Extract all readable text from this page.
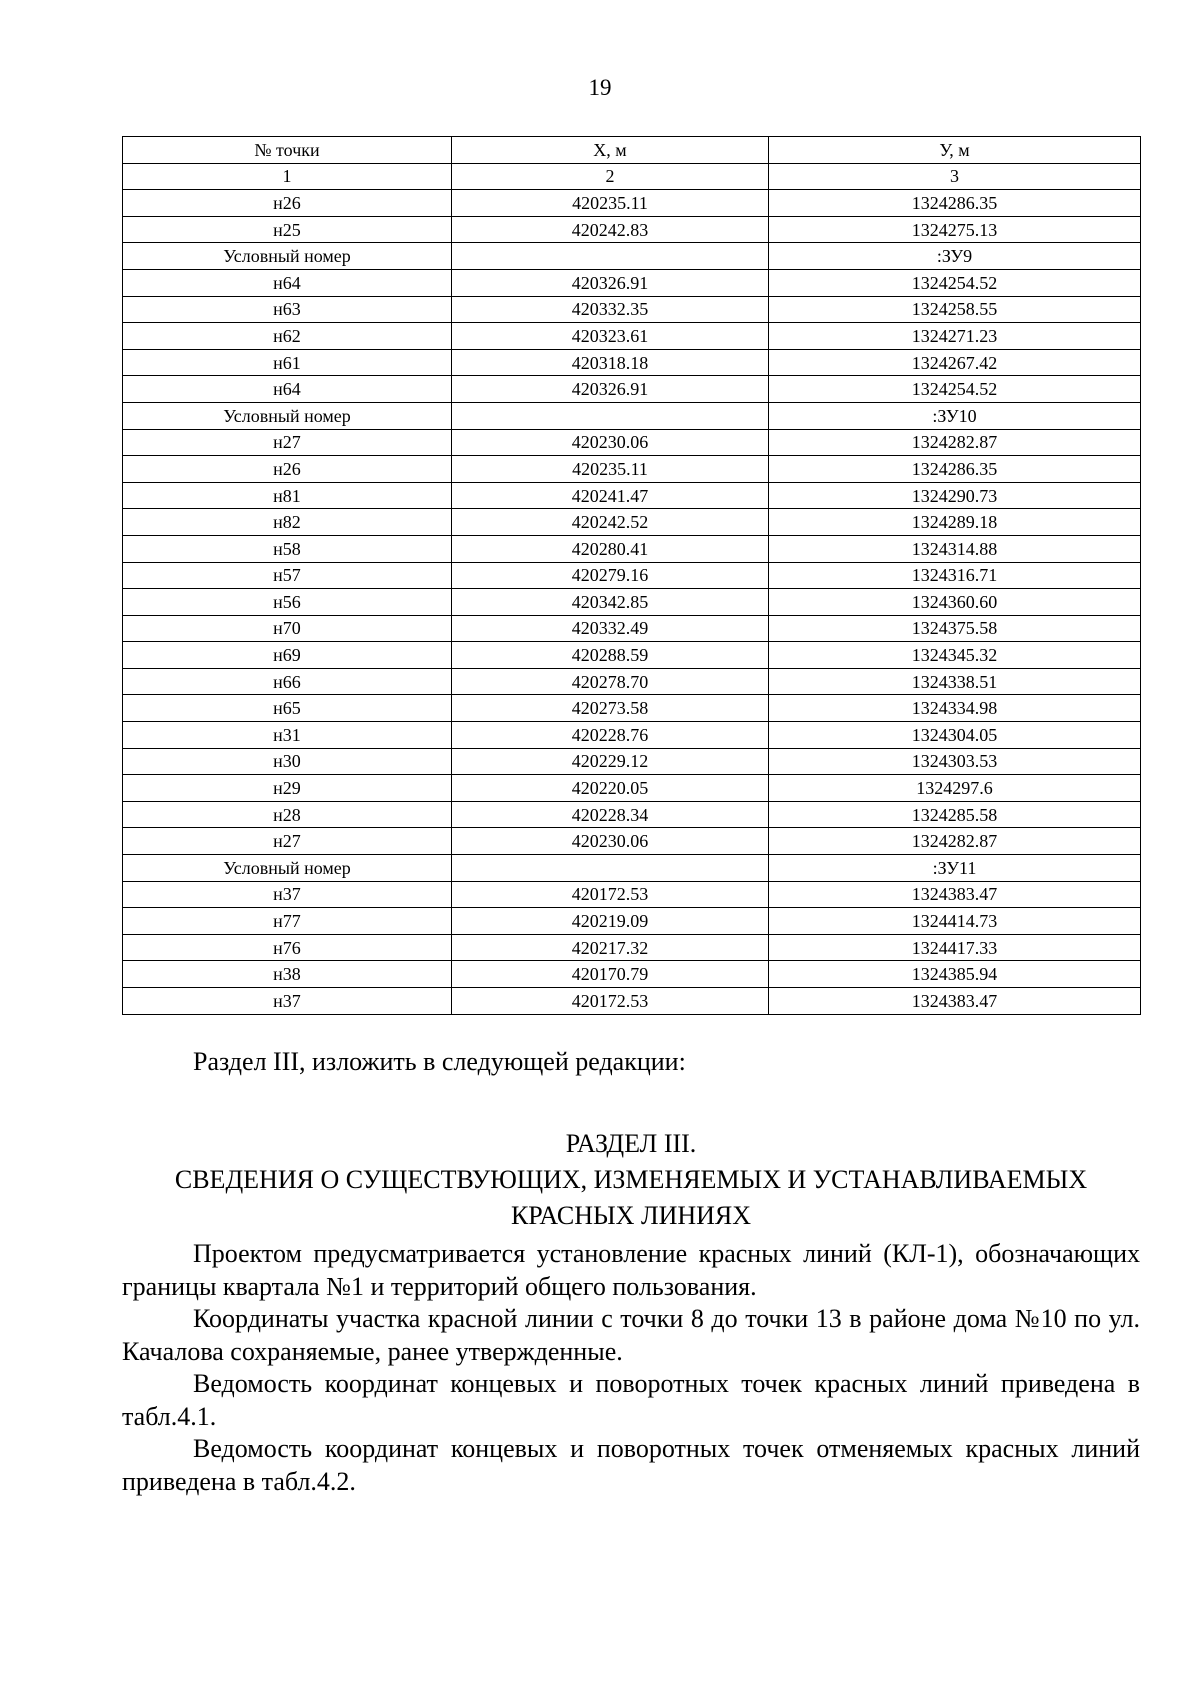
19
№ точки	Х, м	У, м
1	2	3
н26	420235.11	1324286.35
н25	420242.83	1324275.13
Условный номер		:ЗУ9
н64	420326.91	1324254.52
н63	420332.35	1324258.55
н62	420323.61	1324271.23
н61	420318.18	1324267.42
н64	420326.91	1324254.52
Условный номер		:ЗУ10
н27	420230.06	1324282.87
н26	420235.11	1324286.35
н81	420241.47	1324290.73
н82	420242.52	1324289.18
н58	420280.41	1324314.88
н57	420279.16	1324316.71
н56	420342.85	1324360.60
н70	420332.49	1324375.58
н69	420288.59	1324345.32
н66	420278.70	1324338.51
н65	420273.58	1324334.98
н31	420228.76	1324304.05
н30	420229.12	1324303.53
н29	420220.05	1324297.6
н28	420228.34	1324285.58
н27	420230.06	1324282.87
Условный номер		:ЗУ11
н37	420172.53	1324383.47
н77	420219.09	1324414.73
н76	420217.32	1324417.33
н38	420170.79	1324385.94
н37	420172.53	1324383.47
Раздел III, изложить в следующей редакции:
РАЗДЕЛ III.
СВЕДЕНИЯ О СУЩЕСТВУЮЩИХ, ИЗМЕНЯЕМЫХ И УСТАНАВЛИВАЕМЫХ
КРАСНЫХ ЛИНИЯХ

Проектом предусматривается установление красных линий (КЛ-1), обозначающих границы квартала №1 и территорий общего пользования.

Координаты участка красной линии с точки 8 до точки 13 в районе дома №10 по ул. Качалова сохраняемые, ранее утвержденные.

Ведомость координат концевых и поворотных точек красных линий приведена в табл.4.1.

Ведомость координат концевых и поворотных точек отменяемых красных линий приведена в табл.4.2.
